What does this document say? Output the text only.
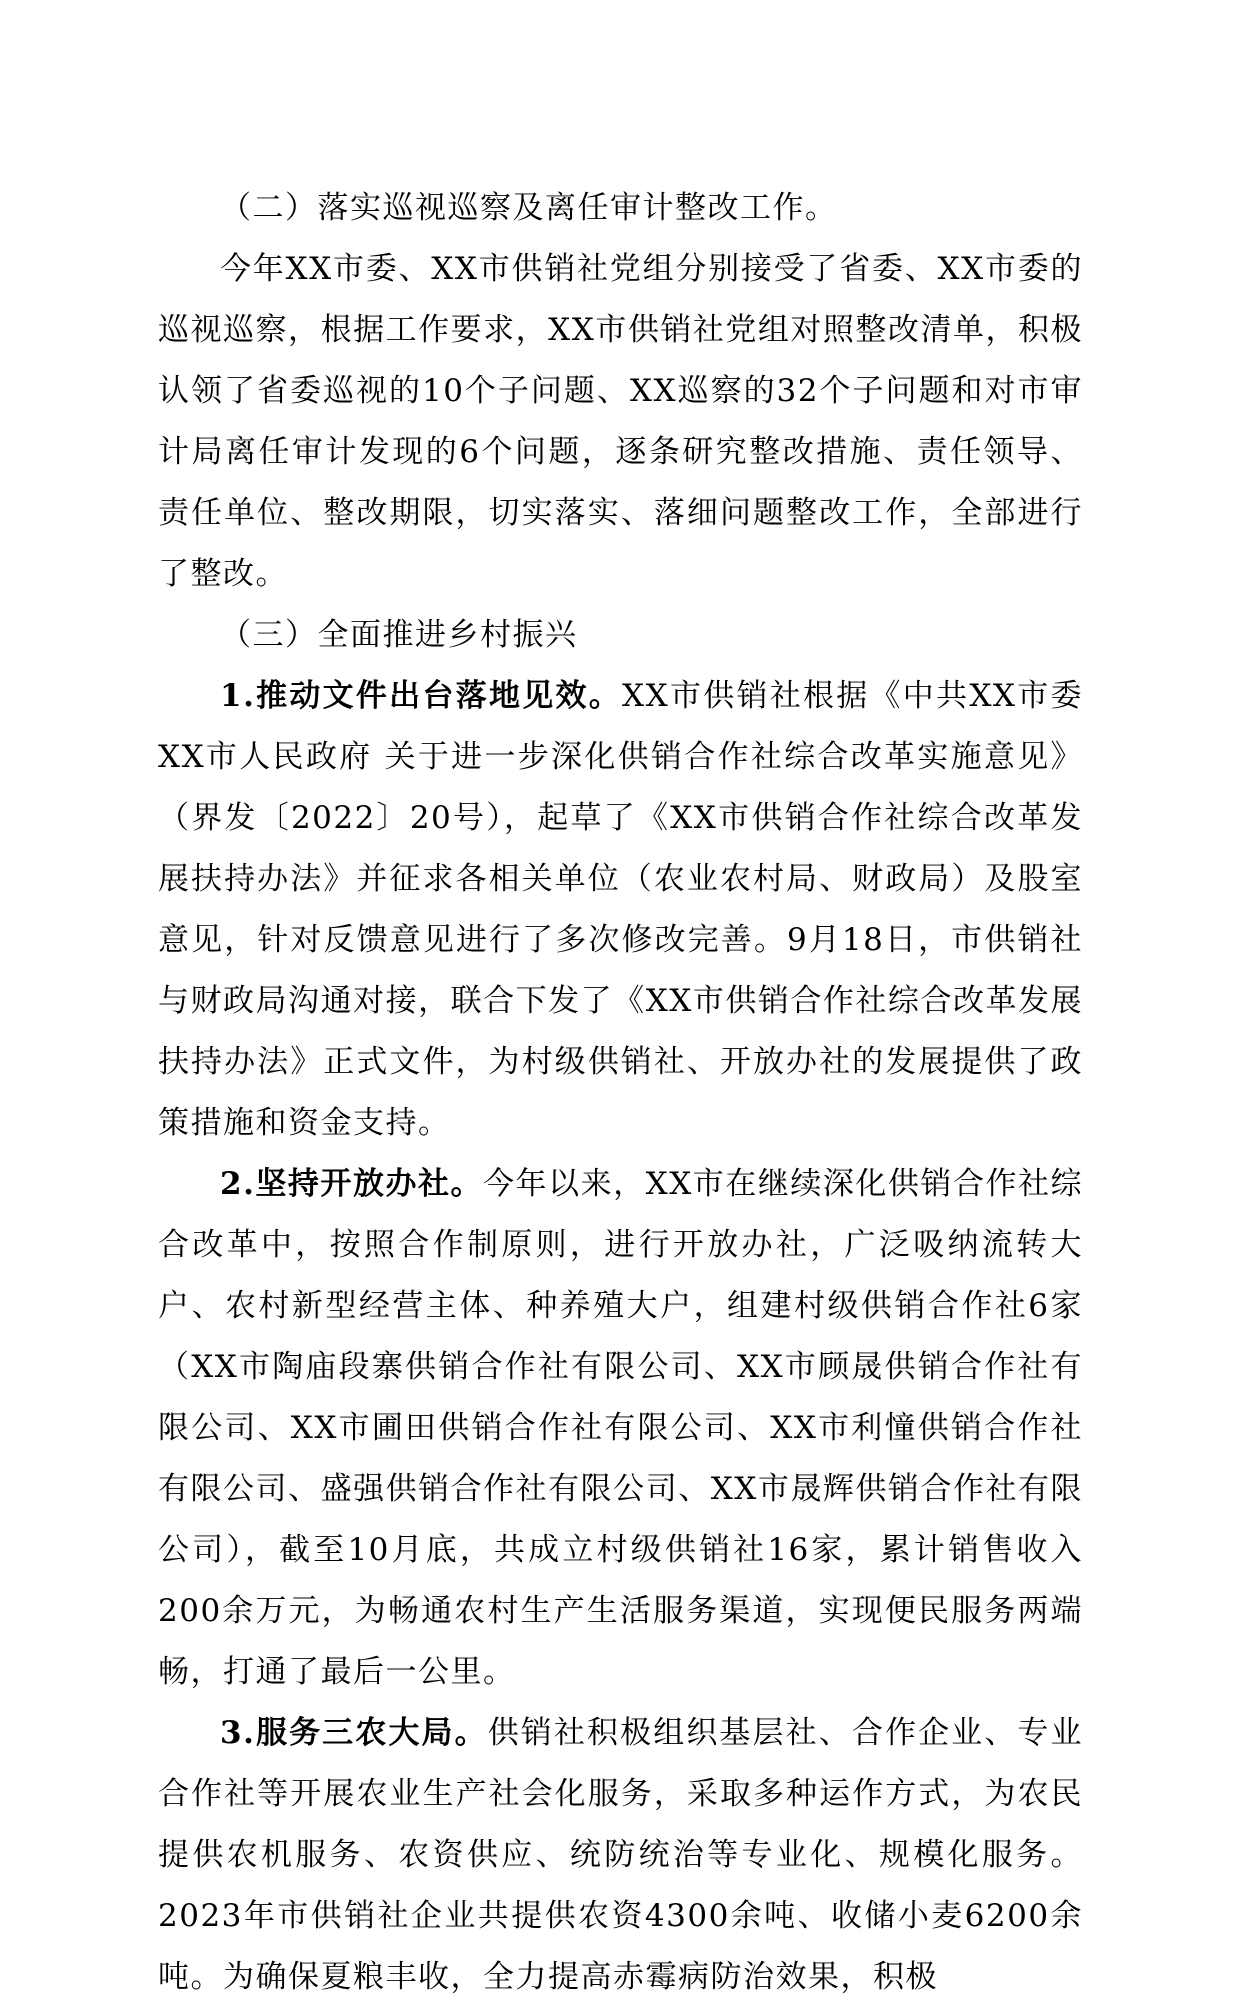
（二）落实巡视巡察及离任审计整改工作。

今年XX市委、XX市供销社党组分别接受了省委、XX市委的巡视巡察，根据工作要求，XX市供销社党组对照整改清单，积极认领了省委巡视的10个子问题、XX巡察的32个子问题和对市审计局离任审计发现的6个问题，逐条研究整改措施、责任领导、责任单位、整改期限，切实落实、落细问题整改工作，全部进行了整改。

（三）全面推进乡村振兴

1.推动文件出台落地见效。XX市供销社根据《中共XX市委 XX市人民政府 关于进一步深化供销合作社综合改革实施意见》（界发〔2022〕20号），起草了《XX市供销合作社综合改革发展扶持办法》并征求各相关单位（农业农村局、财政局）及股室意见，针对反馈意见进行了多次修改完善。9月18日，市供销社与财政局沟通对接，联合下发了《XX市供销合作社综合改革发展扶持办法》正式文件，为村级供销社、开放办社的发展提供了政策措施和资金支持。

2.坚持开放办社。今年以来，XX市在继续深化供销合作社综合改革中，按照合作制原则，进行开放办社，广泛吸纳流转大户、农村新型经营主体、种养殖大户，组建村级供销合作社6家（XX市陶庙段寨供销合作社有限公司、XX市顾晟供销合作社有限公司、XX市圃田供销合作社有限公司、XX市利憧供销合作社有限公司、盛强供销合作社有限公司、XX市晟辉供销合作社有限公司），截至10月底，共成立村级供销社16家，累计销售收入200余万元，为畅通农村生产生活服务渠道，实现便民服务两端畅，打通了最后一公里。

3.服务三农大局。供销社积极组织基层社、合作企业、专业合作社等开展农业生产社会化服务，采取多种运作方式，为农民提供农机服务、农资供应、统防统治等专业化、规模化服务。2023年市供销社企业共提供农资4300余吨、收储小麦6200余吨。为确保夏粮丰收，全力提高赤霉病防治效果，积极
